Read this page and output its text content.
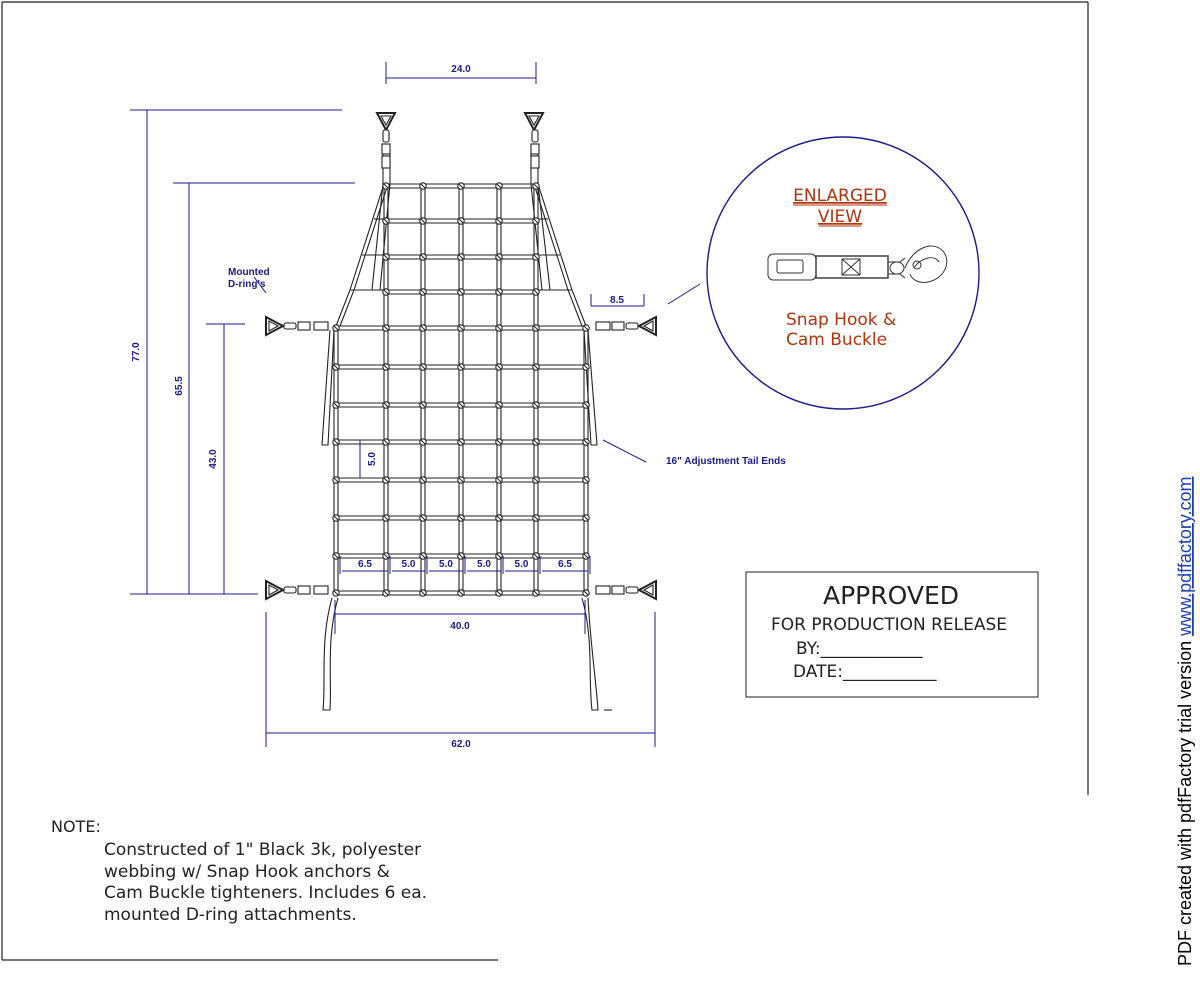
24.0
77.0
65.5
43.0	5.0
8.5
40.0
62.0
6.5	5.0 5.0 5.0 5.0	6.5
Mounted
D-ring's
16" Adjustment Tail Ends
ENLARGED
VIEW
Snap Hook &
Cam Buckle
APPROVED
FOR PRODUCTION RELEASE
BY:____________
DATE:___________
NOTE:
Constructed of 1" Black 3k, polyester
webbing w/ Snap Hook anchors &
Cam Buckle tighteners. Includes 6 ea.
mounted D-ring attachments.	PDF created with pdfFactory trial version www.pdffactory.com
